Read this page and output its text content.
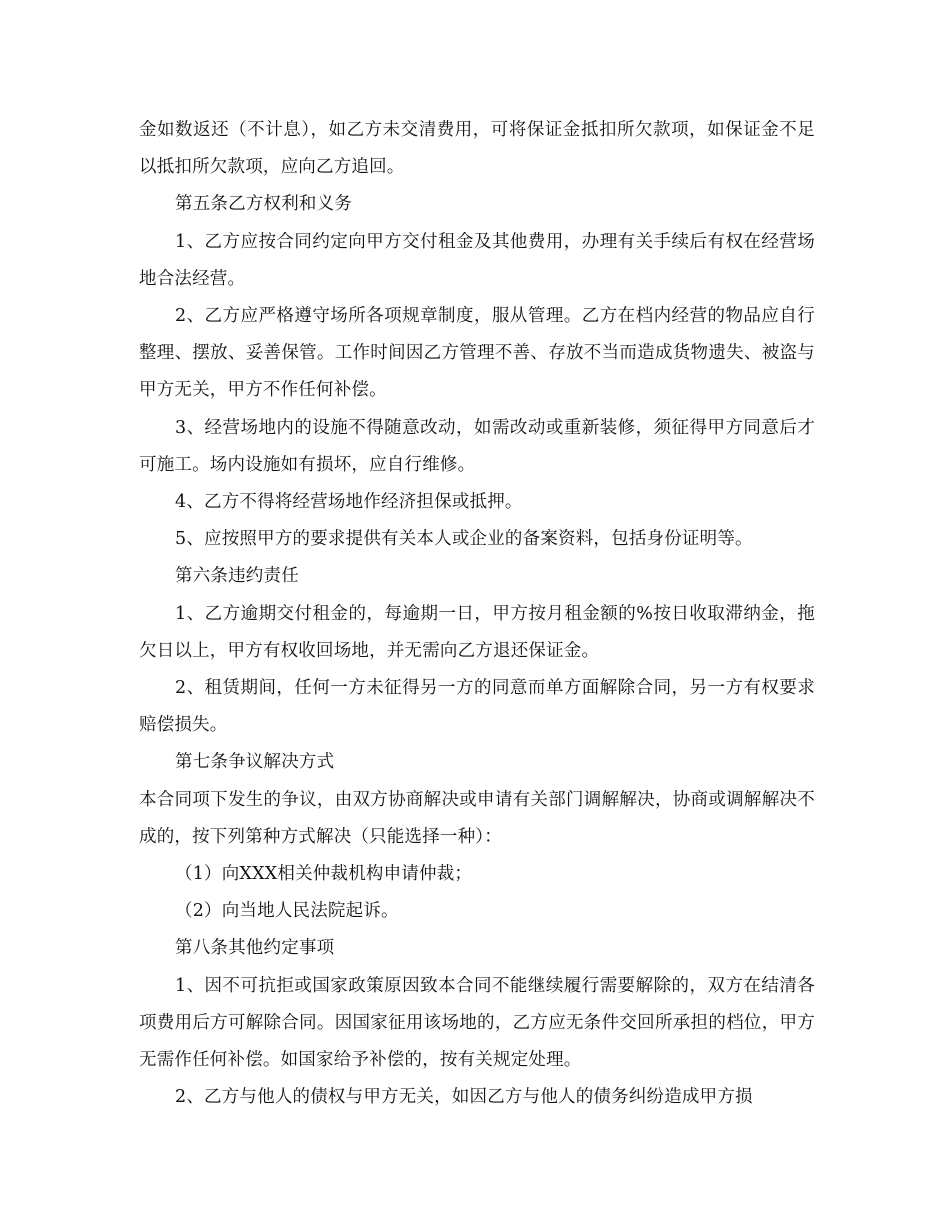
金如数返还（不计息），如乙方未交清费用，可将保证金抵扣所欠款项，如保证金不足以抵扣所欠款项，应向乙方追回。

第五条乙方权利和义务

1、乙方应按合同约定向甲方交付租金及其他费用，办理有关手续后有权在经营场地合法经营。

2、乙方应严格遵守场所各项规章制度，服从管理。乙方在档内经营的物品应自行整理、摆放、妥善保管。工作时间因乙方管理不善、存放不当而造成货物遗失、被盗与甲方无关，甲方不作任何补偿。

3、经营场地内的设施不得随意改动，如需改动或重新装修，须征得甲方同意后才可施工。场内设施如有损坏，应自行维修。

4、乙方不得将经营场地作经济担保或抵押。

5、应按照甲方的要求提供有关本人或企业的备案资料，包括身份证明等。

第六条违约责任

1、乙方逾期交付租金的，每逾期一日，甲方按月租金额的%按日收取滞纳金，拖欠日以上，甲方有权收回场地，并无需向乙方退还保证金。

2、租赁期间，任何一方未征得另一方的同意而单方面解除合同，另一方有权要求赔偿损失。

第七条争议解决方式

本合同项下发生的争议，由双方协商解决或申请有关部门调解解决，协商或调解解决不成的，按下列第种方式解决（只能选择一种）：

（1）向XXX相关仲裁机构申请仲裁；

（2）向当地人民法院起诉。

第八条其他约定事项

1、因不可抗拒或国家政策原因致本合同不能继续履行需要解除的，双方在结清各项费用后方可解除合同。因国家征用该场地的，乙方应无条件交回所承担的档位，甲方无需作任何补偿。如国家给予补偿的，按有关规定处理。

2、乙方与他人的债权与甲方无关，如因乙方与他人的债务纠纷造成甲方损
